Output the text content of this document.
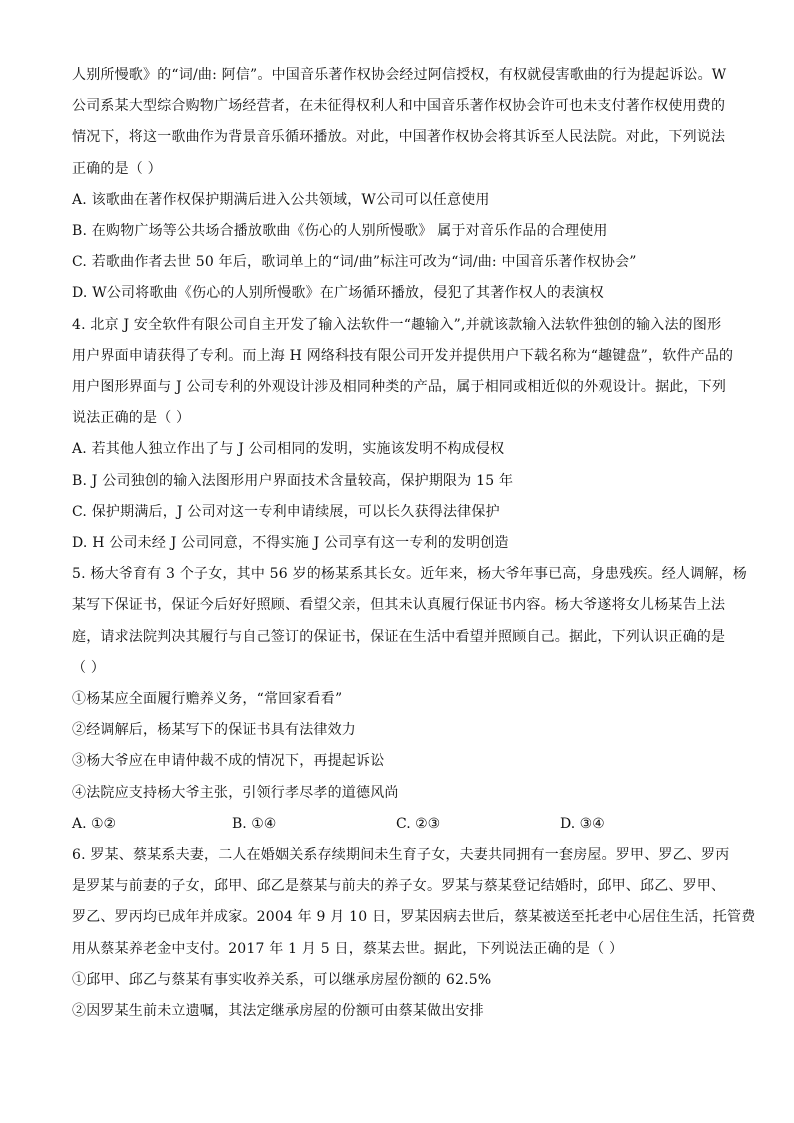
人别所慢歌》的“词/曲: 阿信”。中国音乐著作权协会经过阿信授权，有权就侵害歌曲的行为提起诉讼。W
公司系某大型综合购物广场经营者，在未征得权利人和中国音乐著作权协会许可也未支付著作权使用费的
情况下，将这一歌曲作为背景音乐循环播放。对此，中国著作权协会将其诉至人民法院。对此，下列说法
正确的是（ ）
A. 该歌曲在著作权保护期满后进入公共领域，W公司可以任意使用
B. 在购物广场等公共场合播放歌曲《伤心的人别所慢歌》 属于对音乐作品的合理使用
C. 若歌曲作者去世 50 年后，歌词单上的“词/曲”标注可改为“词/曲: 中国音乐著作权协会”
D. W公司将歌曲《伤心的人别所慢歌》在广场循环播放，侵犯了其著作权人的表演权
4. 北京 J 安全软件有限公司自主开发了输入法软件一“趣输入”,并就该款输入法软件独创的输入法的图形
用户界面申请获得了专利。而上海 H 网络科技有限公司开发并提供用户下载名称为“趣键盘”，软件产品的
用户图形界面与 J 公司专利的外观设计涉及相同种类的产品，属于相同或相近似的外观设计。据此，下列
说法正确的是（ ）
A. 若其他人独立作出了与 J 公司相同的发明，实施该发明不构成侵权
B. J 公司独创的输入法图形用户界面技术含量较高，保护期限为 15 年
C. 保护期满后，J 公司对这一专利申请续展，可以长久获得法律保护
D. H 公司未经 J 公司同意，不得实施 J 公司享有这一专利的发明创造
5. 杨大爷育有 3 个子女，其中 56 岁的杨某系其长女。近年来，杨大爷年事已高，身患残疾。经人调解，杨
某写下保证书，保证今后好好照顾、看望父亲，但其未认真履行保证书内容。杨大爷遂将女儿杨某告上法
庭，请求法院判决其履行与自己签订的保证书，保证在生活中看望并照顾自己。据此，下列认识正确的是
（ ）
①杨某应全面履行赡养义务，“常回家看看”
②经调解后，杨某写下的保证书具有法律效力
③杨大爷应在申请仲裁不成的情况下，再提起诉讼
④法院应支持杨大爷主张，引领行孝尽孝的道德风尚
A. ①②	B. ①④	C. ②③	D. ③④
6. 罗某、蔡某系夫妻，二人在婚姻关系存续期间未生育子女，夫妻共同拥有一套房屋。罗甲、罗乙、罗丙
是罗某与前妻的子女，邱甲、邱乙是蔡某与前夫的养子女。罗某与蔡某登记结婚时，邱甲、邱乙、罗甲、
罗乙、罗丙均已成年并成家。2004 年 9 月 10 日，罗某因病去世后，蔡某被送至托老中心居住生活，托管费
用从蔡某养老金中支付。2017 年 1 月 5 日，蔡某去世。据此，下列说法正确的是（ ）
①邱甲、邱乙与蔡某有事实收养关系，可以继承房屋份额的 62.5%
②因罗某生前未立遗嘱，其法定继承房屋的份额可由蔡某做出安排
